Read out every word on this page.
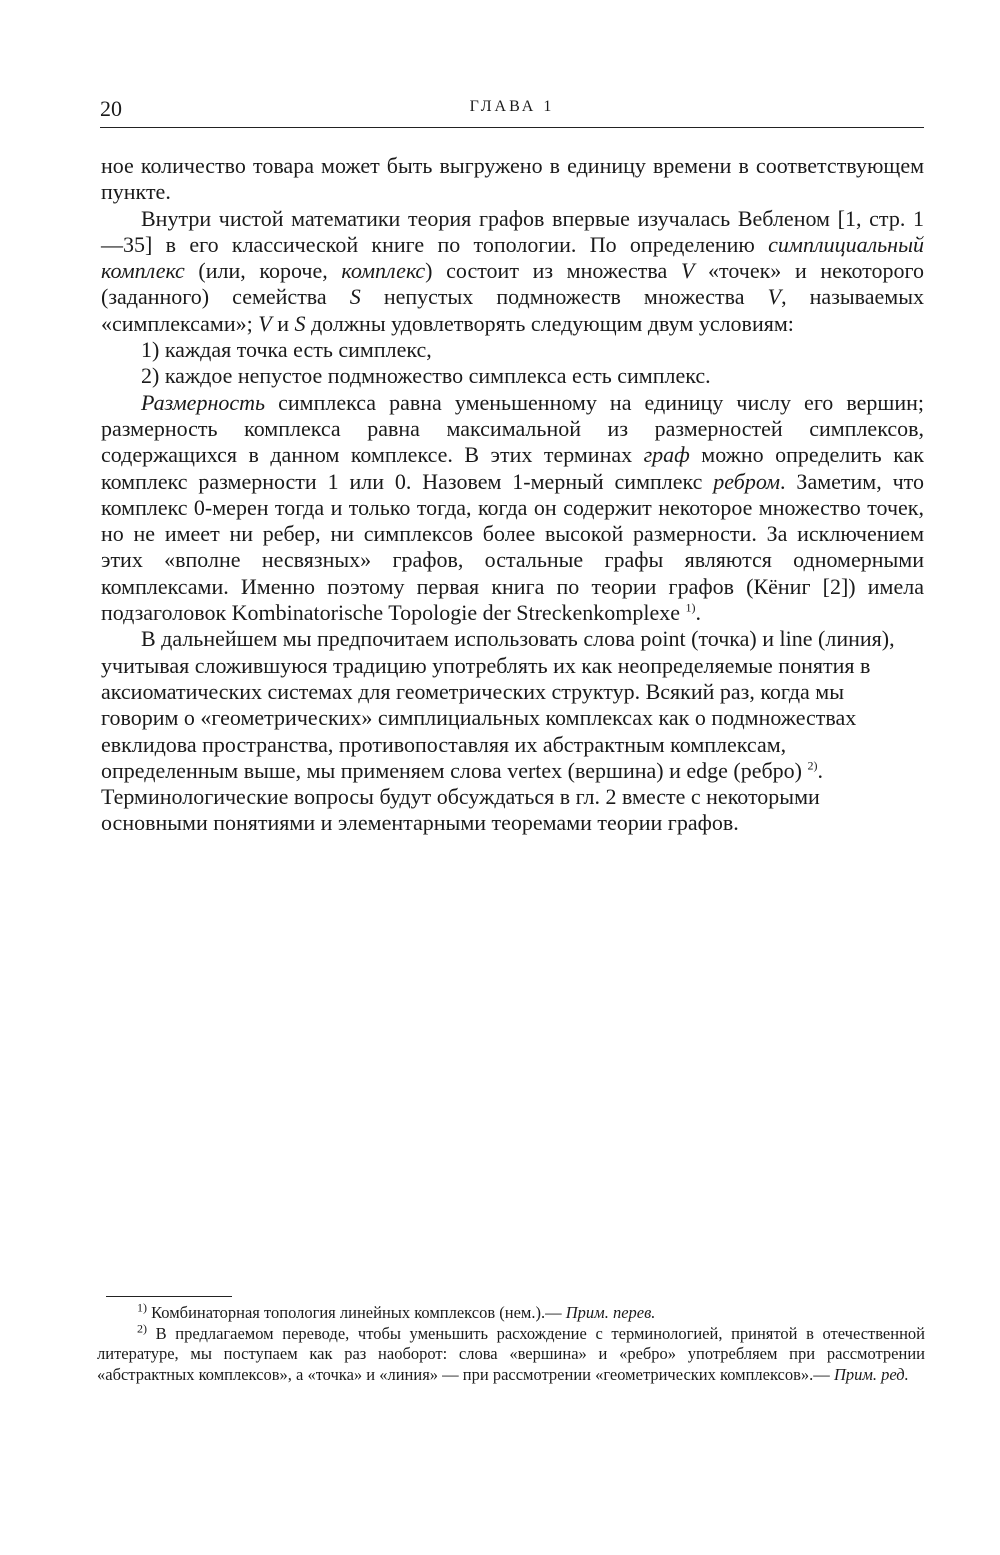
20	ГЛАВА 1

ное количество товара может быть выгружено в единицу времени в соответствующем пункте.

Внутри чистой математики теория графов впервые изучалась Вебленом [1, стр. 1—35] в его классической книге по топологии. По определению симплициальный комплекс (или, короче, комплекс) состоит из множества V «точек» и некоторого (заданного) семейства S непустых подмножеств множества V, называемых «симплексами»; V и S должны удовлетворять следующим двум условиям:

1) каждая точка есть симплекс,

2) каждое непустое подмножество симплекса есть симплекс.

Размерность симплекса равна уменьшенному на единицу числу его вершин; размерность комплекса равна максимальной из размерностей симплексов, содержащихся в данном комплексе. В этих терминах граф можно определить как комплекс размерности 1 или 0. Назовем 1-мерный симплекс ребром. Заметим, что комплекс 0-мерен тогда и только тогда, когда он содержит некоторое множество точек, но не имеет ни ребер, ни симплексов более высокой размерности. За исключением этих «вполне несвязных» графов, остальные графы являются одномерными комплексами. Именно поэтому первая книга по теории графов (Кёниг [2]) имела подзаголовок Kombinatorische Topologie der Streckenkomplexe $^{1)}$.

В дальнейшем мы предпочитаем использовать слова point (точка) и line (линия), учитывая сложившуюся традицию употреблять их как неопределяемые понятия в аксиоматических системах для геометрических структур. Всякий раз, когда мы говорим о «геометрических» симплициальных комплексах как о подмножествах евклидова пространства, противопоставляя их абстрактным комплексам, определенным выше, мы применяем слова vertex (вершина) и edge (ребро) $^{2)}$. Терминологические вопросы будут обсуждаться в гл. 2 вместе с некоторыми основными понятиями и элементарными теоремами теории графов.

$^{1)}$ Комбинаторная топология линейных комплексов (нем.).— Прим. перев.

$^{2)}$ В предлагаемом переводе, чтобы уменьшить расхождение с терминологией, принятой в отечественной литературе, мы поступаем как раз наоборот: слова «вершина» и «ребро» употребляем при рассмотрении «абстрактных комплексов», а «точка» и «линия» — при рассмотрении «геометрических комплексов».— Прим. ред.
